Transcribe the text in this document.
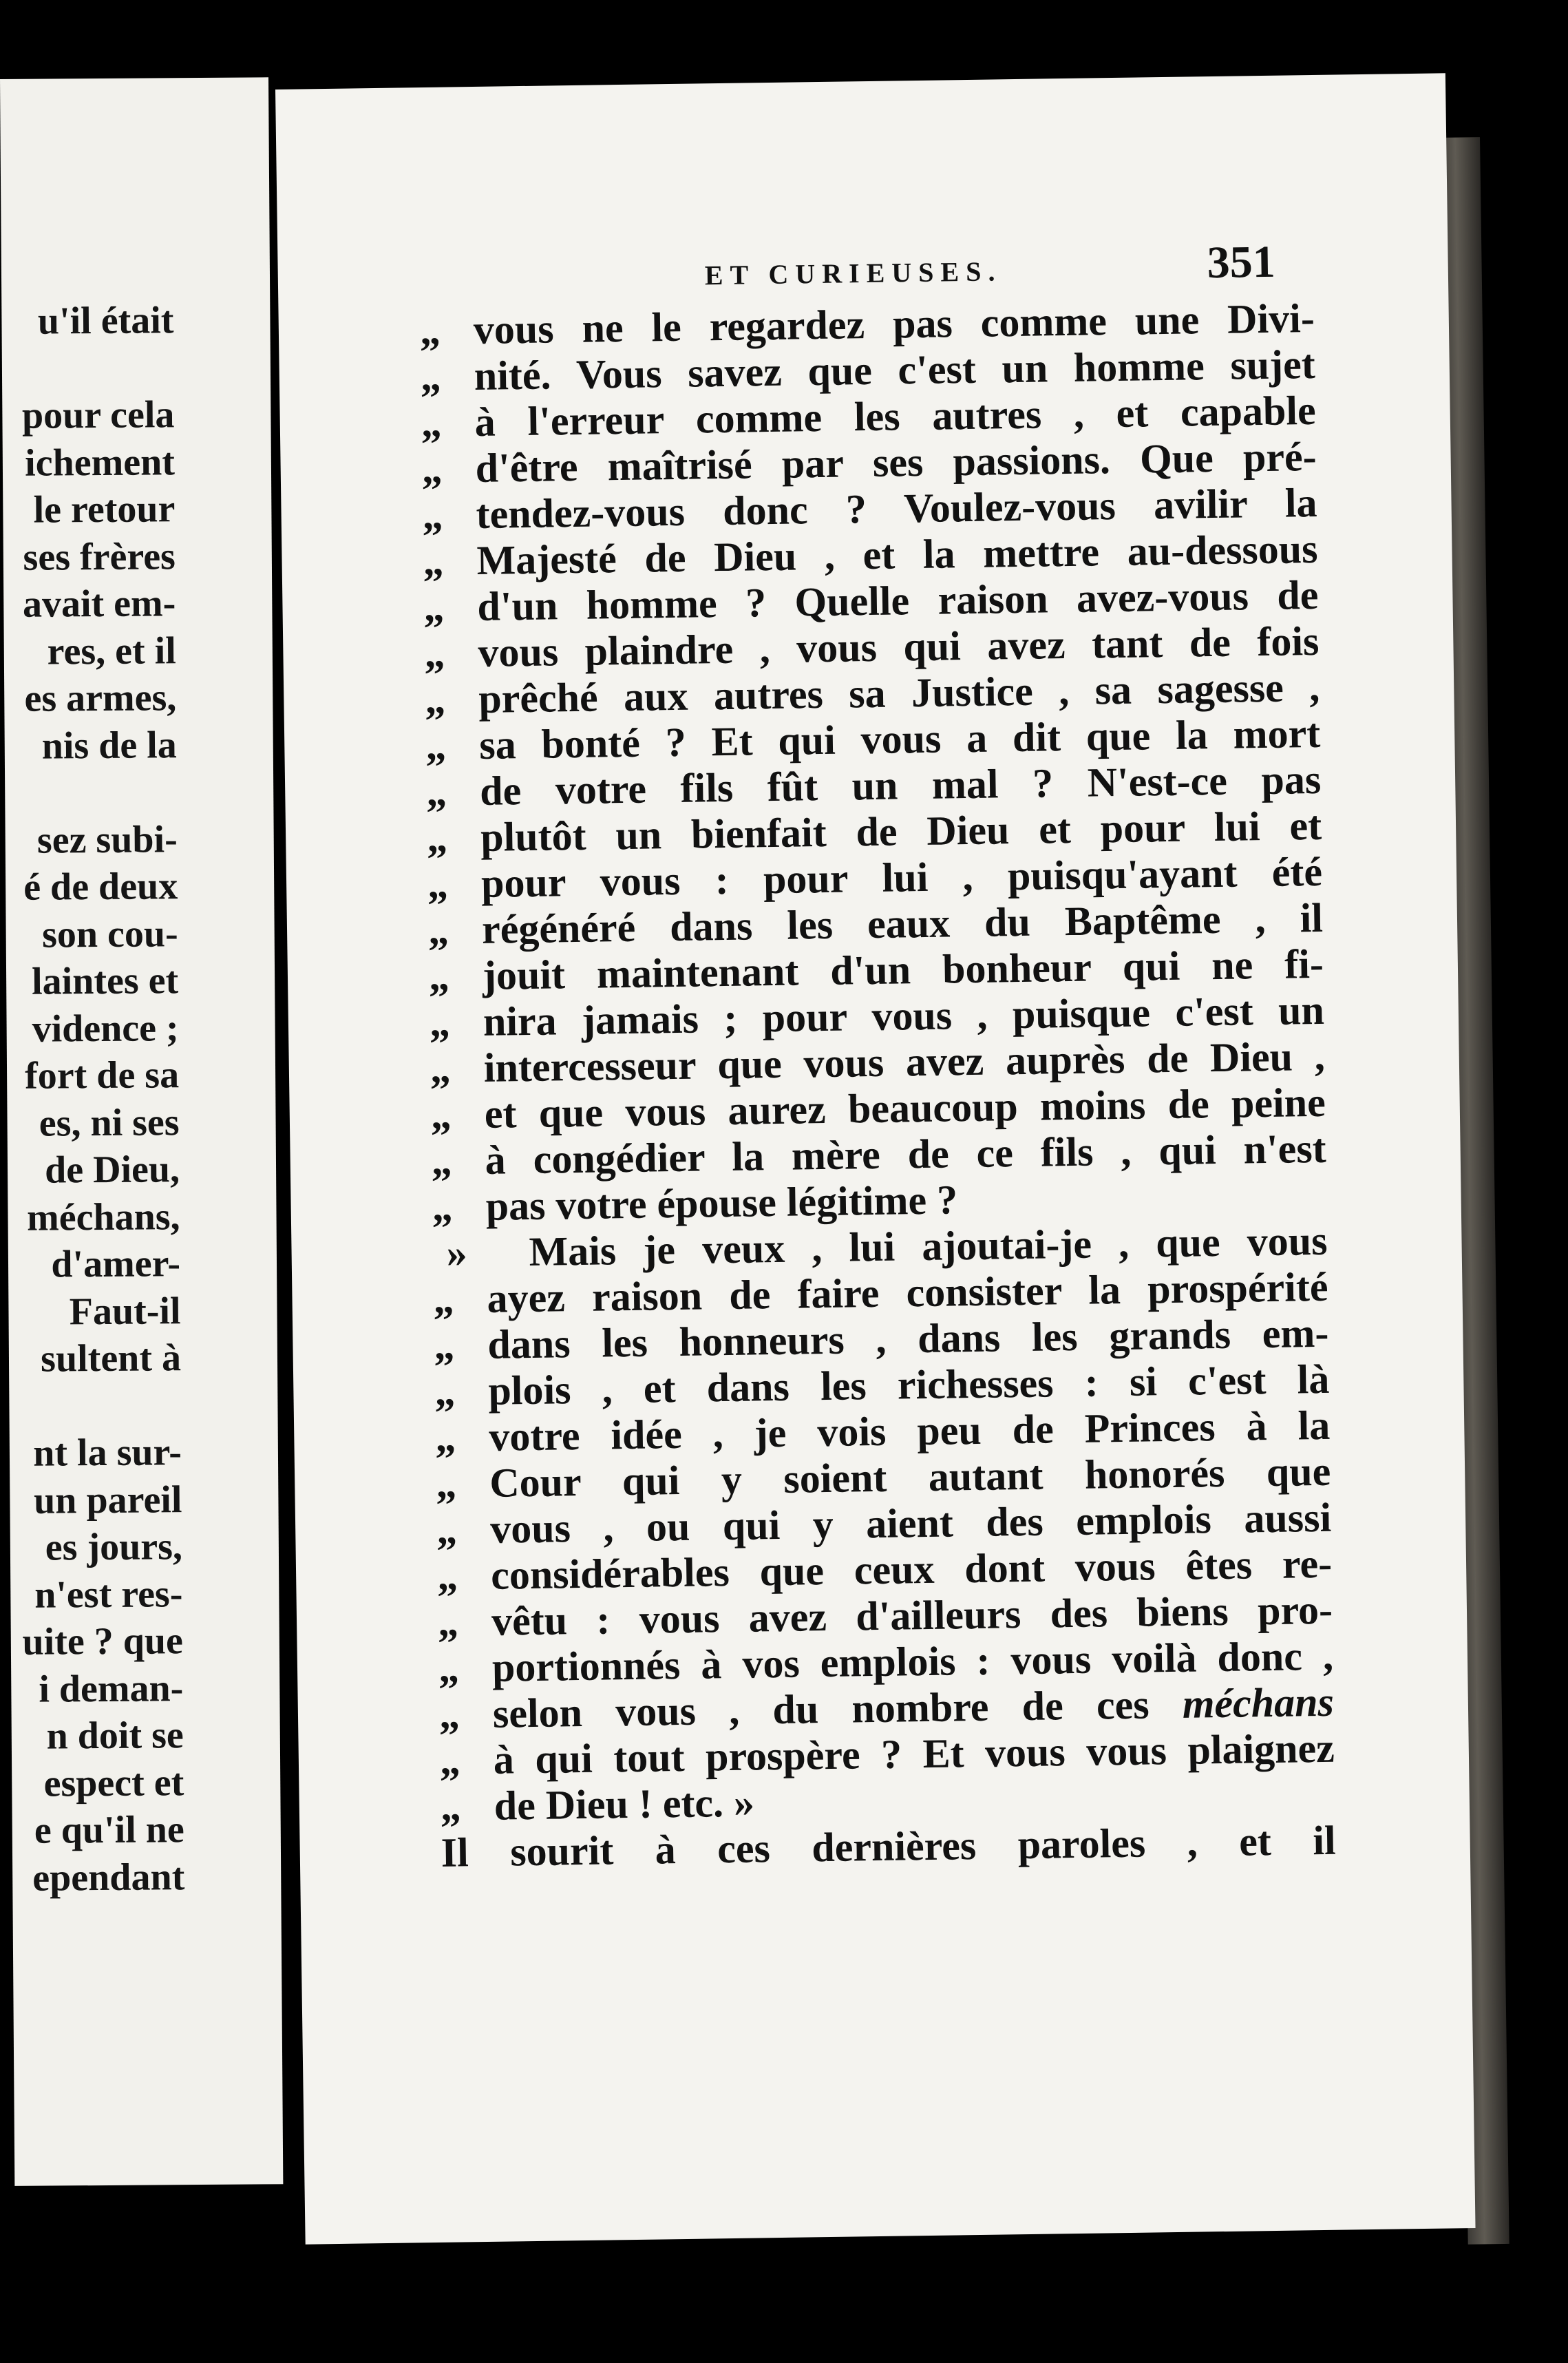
u'il était
pour cela
ichement
le retour
ses frères
avait em-
res, et il
es armes,
nis de la
sez subi-
é de deux
son cou-
laintes et
vidence ;
fort de sa
es, ni ses
de Dieu,
méchans,
d'amer-
Faut-il
sultent à
nt la sur-
un pareil
es jours,
n'est res-
uite ? que
i deman-
n doit se
espect et
e qu'il ne
ependant
ET CURIEUSES.	351
„ vous ne le regardez pas comme une Divi-
„ nité. Vous savez que c'est un homme sujet
„ à l'erreur comme les autres , et capable
„ d'être maîtrisé par ses passions. Que pré-
„ tendez-vous donc ? Voulez-vous avilir la
„ Majesté de Dieu , et la mettre au-dessous
„ d'un homme ? Quelle raison avez-vous de
„ vous plaindre , vous qui avez tant de fois
„ prêché aux autres sa Justice , sa sagesse ,
„ sa bonté ? Et qui vous a dit que la mort
„ de votre fils fût un mal ? N'est-ce pas
„ plutôt un bienfait de Dieu et pour lui et
„ pour vous : pour lui , puisqu'ayant été
„ régénéré dans les eaux du Baptême , il
„ jouit maintenant d'un bonheur qui ne fi-
„ nira jamais ; pour vous , puisque c'est un
„ intercesseur que vous avez auprès de Dieu ,
„ et que vous aurez beaucoup moins de peine
„ à congédier la mère de ce fils , qui n'est
„ pas votre épouse légitime ?
»	Mais je veux , lui ajoutai-je , que vous
„ ayez raison de faire consister la prospérité
„ dans les honneurs , dans les grands em-
„ plois , et dans les richesses : si c'est là
„ votre idée , je vois peu de Princes à la
„ Cour qui y soient autant honorés que
„ vous , ou qui y aient des emplois aussi
„ considérables que ceux dont vous êtes re-
„ vêtu : vous avez d'ailleurs des biens pro-
„ portionnés à vos emplois : vous voilà donc ,
„ selon vous , du nombre de ces méchans
„ à qui tout prospère ? Et vous vous plaignez
„ de Dieu ! etc. »
Il sourit à ces dernières paroles , et il
